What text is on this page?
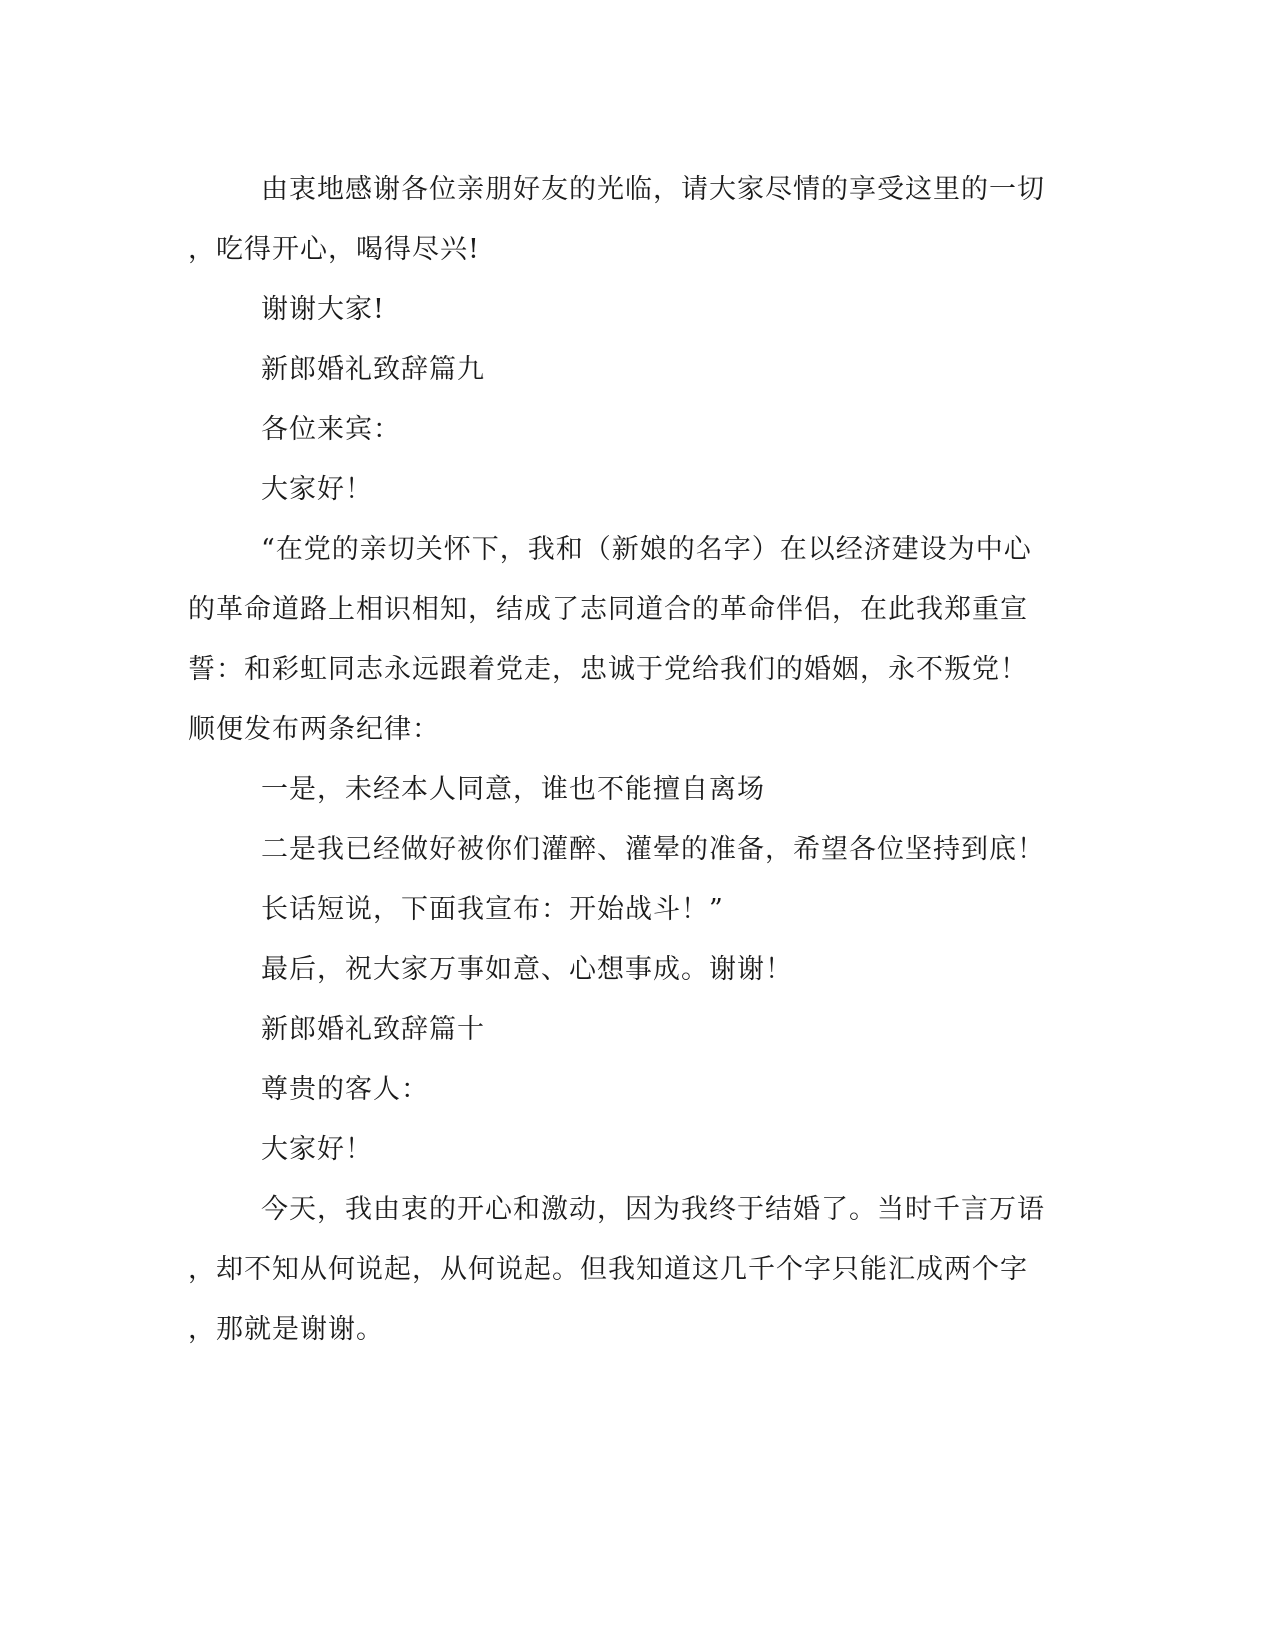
由衷地感谢各位亲朋好友的光临，请大家尽情的享受这里的一切
，吃得开心，喝得尽兴!
谢谢大家!
新郎婚礼致辞篇九
各位来宾：
大家好！
“在党的亲切关怀下，我和（新娘的名字）在以经济建设为中心
的革命道路上相识相知，结成了志同道合的革命伴侣，在此我郑重宣
誓：和彩虹同志永远跟着党走，忠诚于党给我们的婚姻，永不叛党！
顺便发布两条纪律：
一是，未经本人同意，谁也不能擅自离场
二是我已经做好被你们灌醉、灌晕的准备，希望各位坚持到底！
长话短说，下面我宣布：开始战斗！”
最后，祝大家万事如意、心想事成。谢谢！
新郎婚礼致辞篇十
尊贵的客人：
大家好！
今天，我由衷的开心和激动，因为我终于结婚了。当时千言万语
，却不知从何说起，从何说起。但我知道这几千个字只能汇成两个字
，那就是谢谢。
